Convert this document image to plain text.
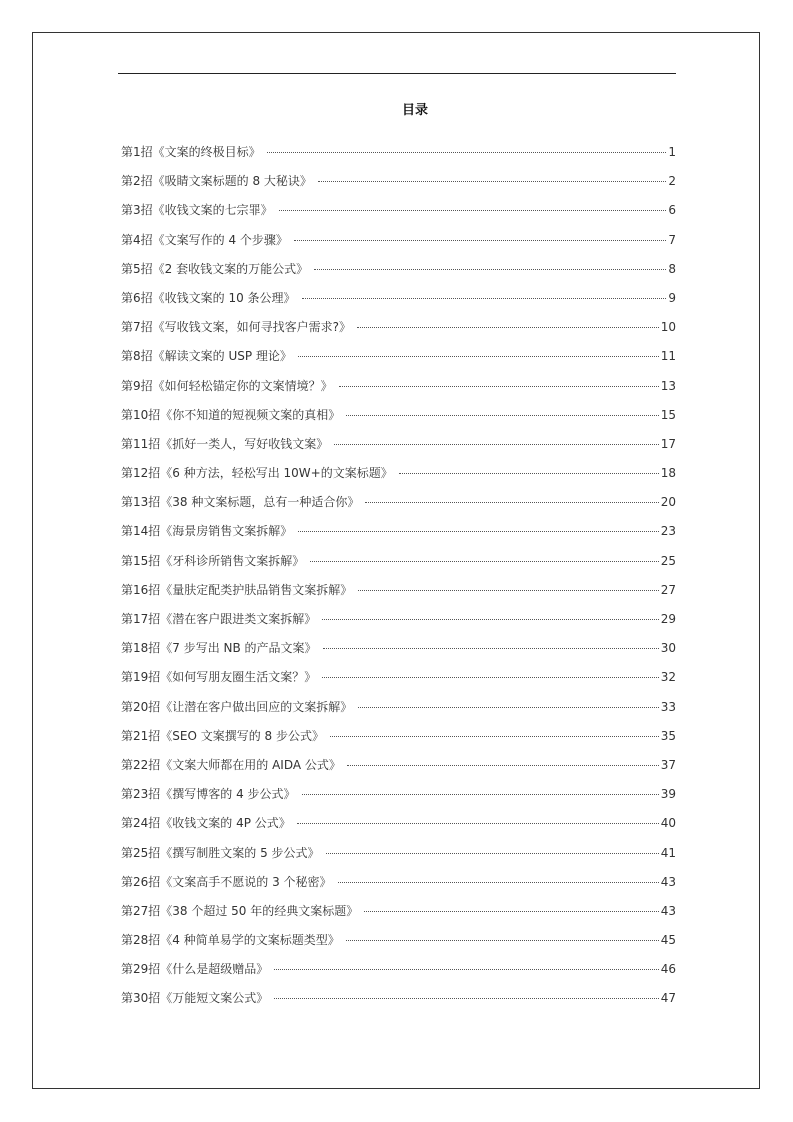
目录
第1招《文案的终极目标》	1
第2招《吸睛文案标题的 8 大秘诀》	2
第3招《收钱文案的七宗罪》	6
第4招《文案写作的 4 个步骤》	7
第5招《2 套收钱文案的万能公式》	8
第6招《收钱文案的 10 条公理》	9
第7招《写收钱文案，如何寻找客户需求?》	10
第8招《解读文案的 USP 理论》	11
第9招《如何轻松锚定你的文案情境？》	13
第10招《你不知道的短视频文案的真相》	15
第11招《抓好一类人，写好收钱文案》	17
第12招《6 种方法，轻松写出 10W+的文案标题》	18
第13招《38 种文案标题，总有一种适合你》	20
第14招《海景房销售文案拆解》	23
第15招《牙科诊所销售文案拆解》	25
第16招《量肤定配类护肤品销售文案拆解》	27
第17招《潜在客户跟进类文案拆解》	29
第18招《7 步写出 NB 的产品文案》	30
第19招《如何写朋友圈生活文案？》	32
第20招《让潜在客户做出回应的文案拆解》	33
第21招《SEO 文案撰写的 8 步公式》	35
第22招《文案大师都在用的 AIDA 公式》	37
第23招《撰写博客的 4 步公式》	39
第24招《收钱文案的 4P 公式》	40
第25招《撰写制胜文案的 5 步公式》	41
第26招《文案高手不愿说的 3 个秘密》	43
第27招《38 个超过 50 年的经典文案标题》	43
第28招《4 种简单易学的文案标题类型》	45
第29招《什么是超级赠品》	46
第30招《万能短文案公式》	47
